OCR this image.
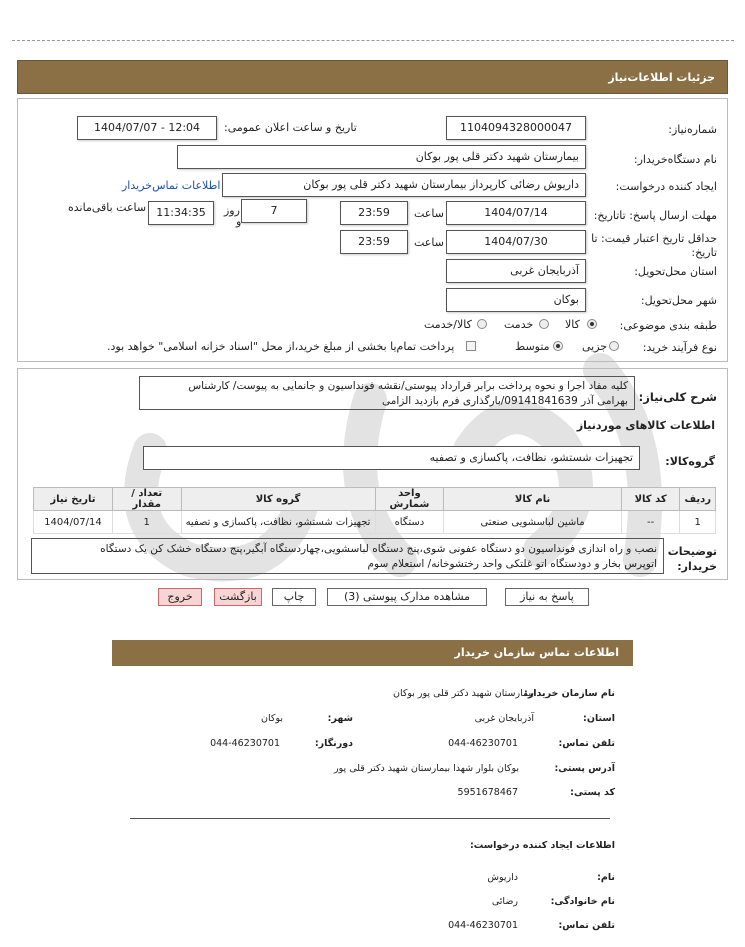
جزئیات اطلاعات‌نیاز
شماره‌نیاز:
1104094328000047
تاریخ و ساعت اعلان عمومی:
1404/07/07 - 12:04
نام دستگاه‌خریدار:
بیمارستان شهید دکتر قلی پور بوکان
ایجاد کننده درخواست:
داریوش رضائی کارپرداز بیمارستان شهید دکتر قلی پور بوکان
اطلاعات تماس‌خریدار
مهلت ارسال پاسخ: تاتاریخ:
1404/07/14
ساعت
23:59
7
روز
و
11:34:35
ساعت باقی‌مانده
حداقل تاریخ اعتبار قیمت: تا
تاریخ:
1404/07/30
ساعت
23:59
استان محل‌تحویل:
آذربایجان غربی
شهر محل‌تحویل:
بوکان
طبقه بندی موضوعی:
کالا
خدمت
کالا/خدمت
نوع فرآیند خرید:
جزیی
متوسط
پرداخت تمام‌یا بخشی از مبلغ خرید،از محل "اسناد خزانه اسلامی" خواهد بود.
شرح کلی‌نیاز:
کلیه مفاد اجرا و نحوه پرداخت برابر قرارداد پیوستی/نقشه فونداسیون و جانمایی به پیوست/ کارشناس
بهرامی آذر 09141841639/بارگذاری فرم بازدید الزامی
اطلاعات کالاهای موردنیاز
گروه‌کالا:
تجهیزات شستشو، نظافت، پاکسازی و تصفیه
ردیف	کد کالا	نام کالا	واحد شمارش	گروه کالا	تعداد / مقدار	تاریخ نیاز
1	--	ماشین لباسشویی صنعتی	دستگاه	تجهیزات شستشو، نظافت، پاکسازی و تصفیه	1	1404/07/14
توضیحات
خریدار:
نصب و راه اندازی فونداسیون دو دستگاه عفونی شوی،پنج دستگاه لباسشویی،چهاردستگاه آبگیر،پنج دستگاه خشک کن یک دستگاه
اتوپرس بخار و دودستگاه اتو غلتکی واحد رختشوخانه/ استعلام سوم
پاسخ به نیاز
مشاهده مدارک پیوستی (3)
چاپ
بازگشت
خروج
اطلاعات تماس سازمان خریدار
نام سازمان خریدار:
بیمارستان شهید دکتر قلی پور بوکان
استان:
آذربایجان غربی
شهر:
بوکان
تلفن تماس:
044-46230701
دورنگار:
044-46230701
آدرس پستی:
بوکان بلوار شهدا بیمارستان شهید دکتر قلی پور
کد پستی:
5951678467
اطلاعات ایجاد کننده درخواست:
نام:
داریوش
نام خانوادگی:
رضائی
تلفن تماس:
044-46230701
